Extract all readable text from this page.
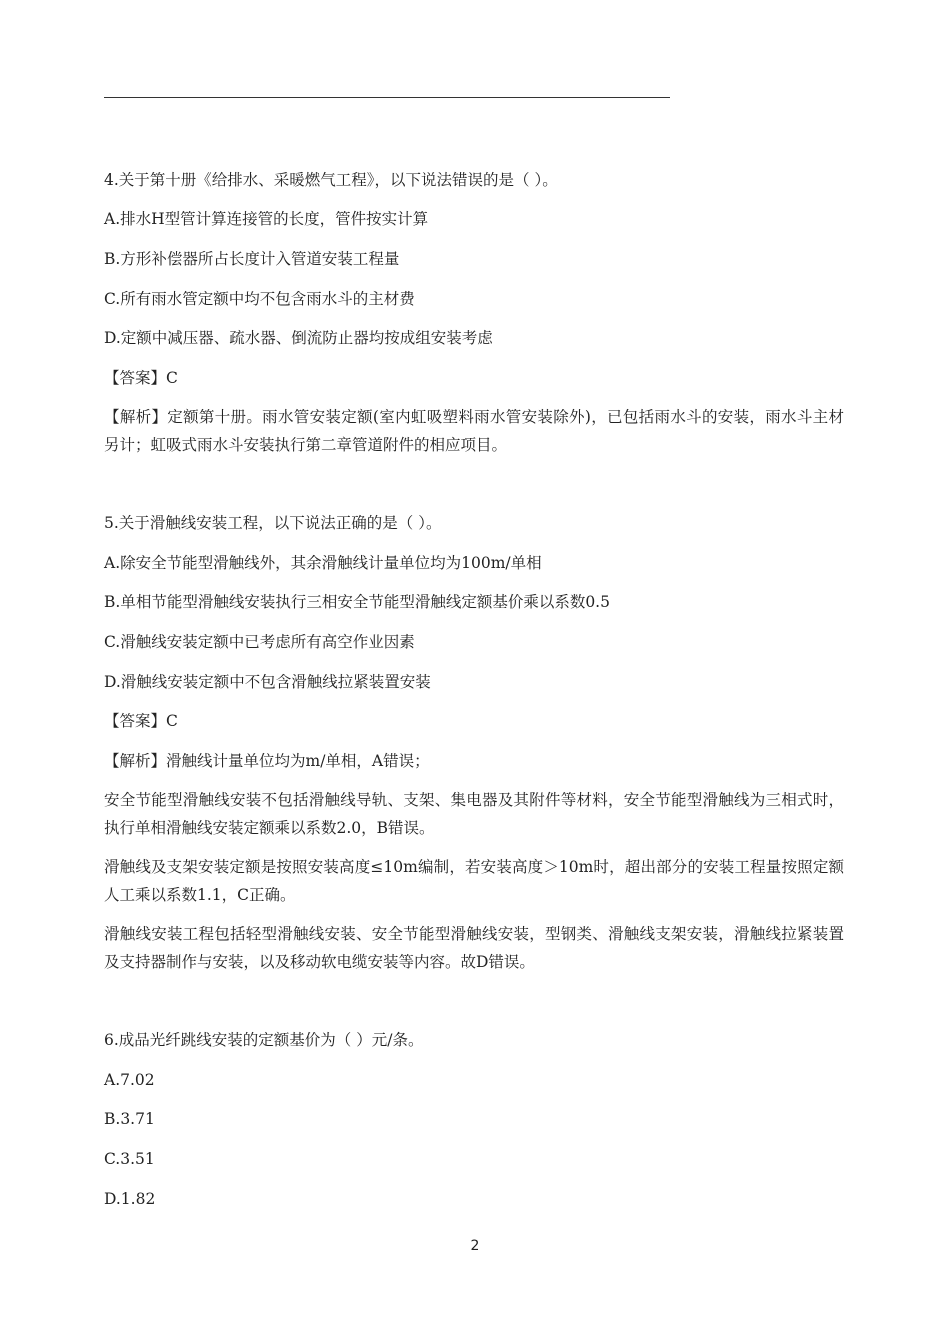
4.关于第十册《给排水、采暖燃气工程》，以下说法错误的是（ ）。
A.排水H型管计算连接管的长度，管件按实计算
B.方形补偿器所占长度计入管道安装工程量
C.所有雨水管定额中均不包含雨水斗的主材费
D.定额中减压器、疏水器、倒流防止器均按成组安装考虑
【答案】C
【解析】定额第十册。雨水管安装定额(室内虹吸塑料雨水管安装除外)，已包括雨水斗的安装，雨水斗主材另计；虹吸式雨水斗安装执行第二章管道附件的相应项目。
5.关于滑触线安装工程，以下说法正确的是（ ）。
A.除安全节能型滑触线外，其余滑触线计量单位均为100m/单相
B.单相节能型滑触线安装执行三相安全节能型滑触线定额基价乘以系数0.5
C.滑触线安装定额中已考虑所有高空作业因素
D.滑触线安装定额中不包含滑触线拉紧装置安装
【答案】C
【解析】滑触线计量单位均为m/单相，A错误；
安全节能型滑触线安装不包括滑触线导轨、支架、集电器及其附件等材料，安全节能型滑触线为三相式时，执行单相滑触线安装定额乘以系数2.0，B错误。
滑触线及支架安装定额是按照安装高度≤10m编制，若安装高度＞10m时，超出部分的安装工程量按照定额人工乘以系数1.1，C正确。
滑触线安装工程包括轻型滑触线安装、安全节能型滑触线安装，型钢类、滑触线支架安装，滑触线拉紧装置及支持器制作与安装，以及移动软电缆安装等内容。故D错误。
6.成品光纤跳线安装的定额基价为（ ）元/条。
A.7.02
B.3.71
C.3.51
D.1.82
2
